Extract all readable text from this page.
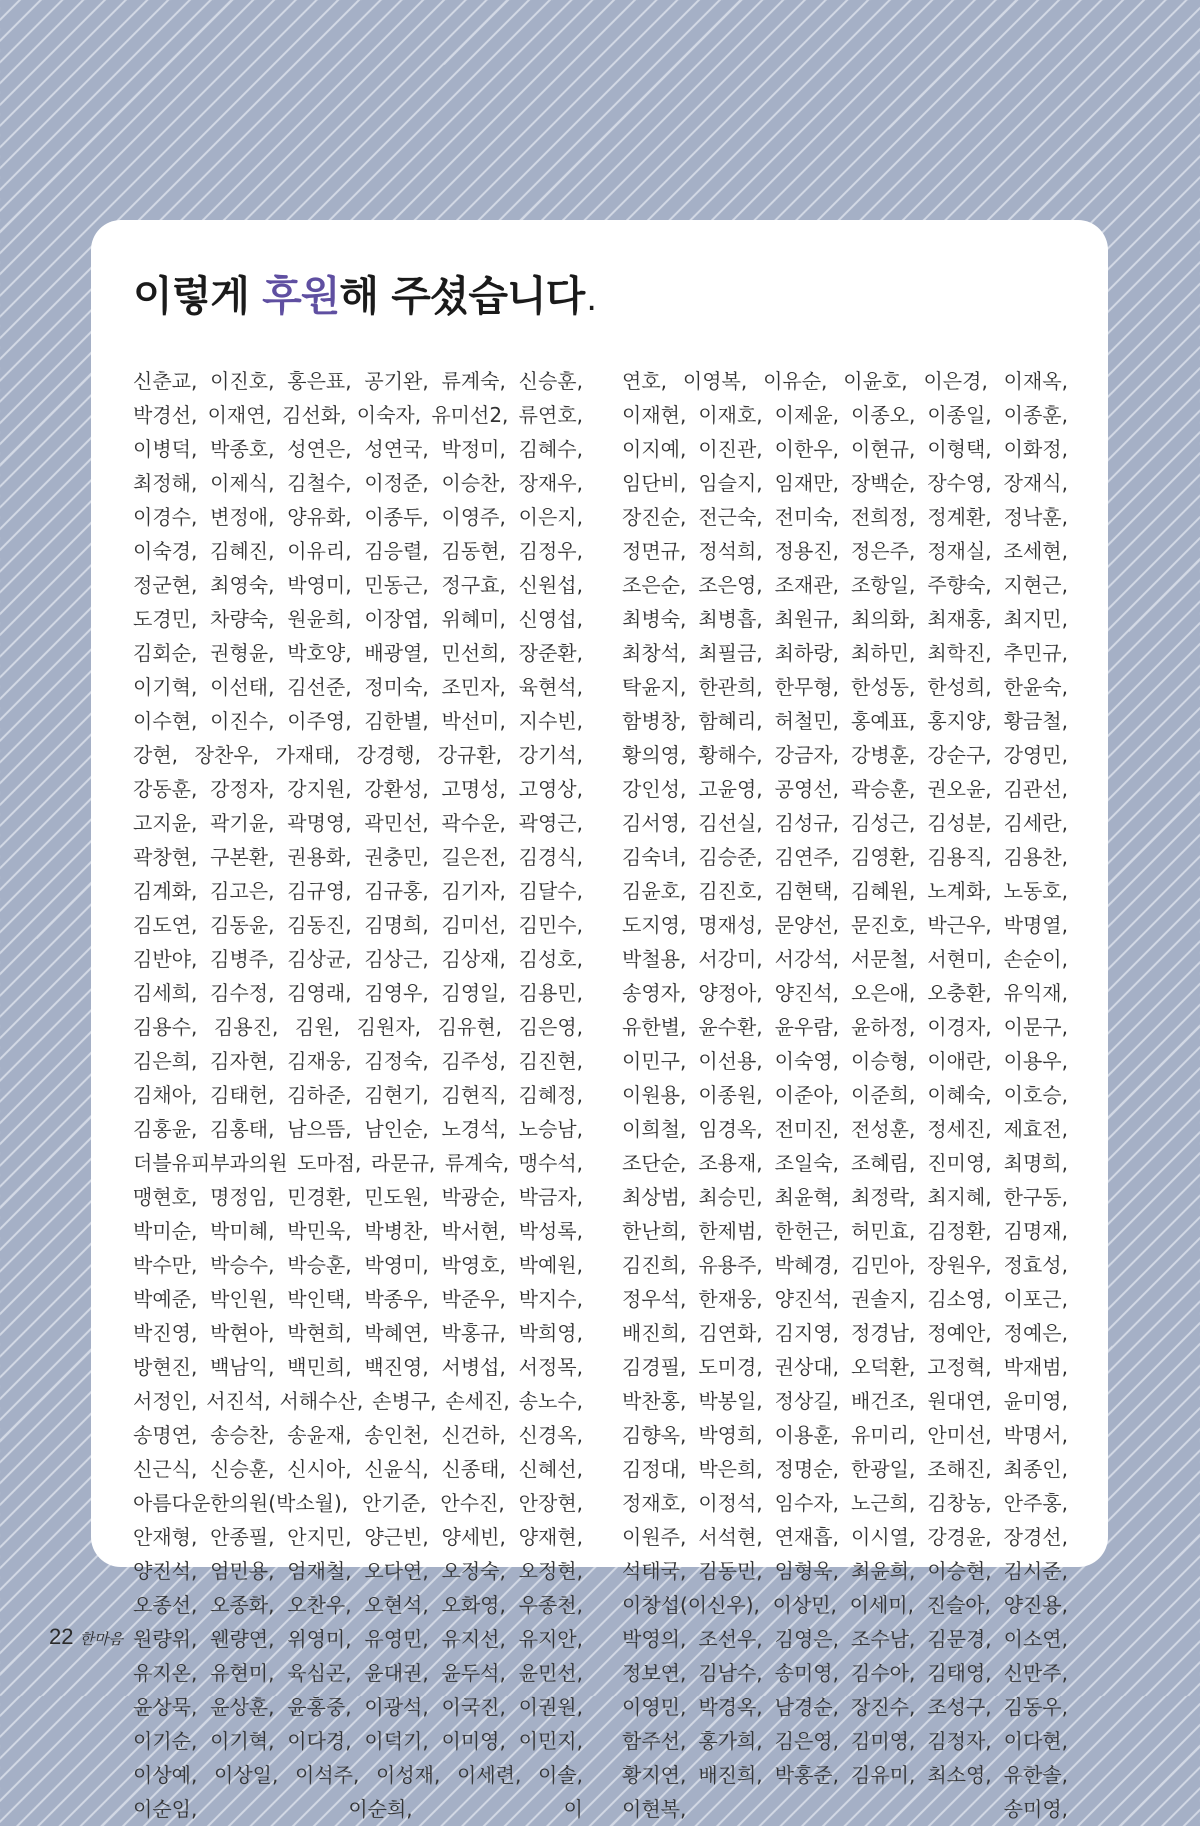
이렇게 후원해 주셨습니다.

신춘교, 이진호, 홍은표, 공기완, 류계숙, 신승훈, 박경선, 이재연, 김선화, 이숙자, 유미선2, 류연호, 이병덕, 박종호, 성연은, 성연국, 박정미, 김혜수, 최정해, 이제식, 김철수, 이정준, 이승찬, 장재우, 이경수, 변정애, 양유화, 이종두, 이영주, 이은지, 이숙경, 김혜진, 이유리, 김응렬, 김동현, 김정우, 정군현, 최영숙, 박영미, 민동근, 정구효, 신원섭, 도경민, 차량숙, 원윤희, 이장엽, 위혜미, 신영섭, 김회순, 권형윤, 박호양, 배광열, 민선희, 장준환, 이기혁, 이선태, 김선준, 정미숙, 조민자, 육현석, 이수현, 이진수, 이주영, 김한별, 박선미, 지수빈, 강현, 장찬우, 가재태, 강경행, 강규환, 강기석, 강동훈, 강정자, 강지원, 강환성, 고명성, 고영상, 고지윤, 곽기윤, 곽명영, 곽민선, 곽수운, 곽영근, 곽창현, 구본환, 권용화, 권충민, 길은전, 김경식, 김계화, 김고은, 김규영, 김규홍, 김기자, 김달수, 김도연, 김동윤, 김동진, 김명희, 김미선, 김민수, 김반야, 김병주, 김상균, 김상근, 김상재, 김성호, 김세희, 김수정, 김영래, 김영우, 김영일, 김용민, 김용수, 김용진, 김원, 김원자, 김유현, 김은영, 김은희, 김자현, 김재웅, 김정숙, 김주성, 김진현, 김채아, 김태헌, 김하준, 김현기, 김현직, 김혜정, 김홍윤, 김홍태, 남으뜸, 남인순, 노경석, 노승남, 더블유피부과의원 도마점, 라문규, 류계숙, 맹수석, 맹현호, 명정임, 민경환, 민도원, 박광순, 박금자, 박미순, 박미혜, 박민욱, 박병찬, 박서현, 박성록, 박수만, 박승수, 박승훈, 박영미, 박영호, 박예원, 박예준, 박인원, 박인택, 박종우, 박준우, 박지수, 박진영, 박현아, 박현희, 박혜연, 박홍규, 박희영, 방현진, 백남익, 백민희, 백진영, 서병섭, 서정목, 서정인, 서진석, 서해수산, 손병구, 손세진, 송노수, 송명연, 송승찬, 송윤재, 송인천, 신건하, 신경옥, 신근식, 신승훈, 신시아, 신윤식, 신종태, 신혜선, 아름다운한의원(박소월), 안기준, 안수진, 안장현, 안재형, 안종필, 안지민, 양근빈, 양세빈, 양재현, 양진석, 엄민용, 엄재철, 오다연, 오정숙, 오정현, 오종선, 오종화, 오찬우, 오현석, 오화영, 우종천, 원량위, 웬량연, 위영미, 유영민, 유지선, 유지안, 유지온, 유현미, 육심곤, 윤대권, 윤두석, 윤민선, 윤상묵, 윤상훈, 윤홍중, 이광석, 이국진, 이권원, 이기순, 이기혁, 이다경, 이덕기, 이미영, 이민지, 이상예, 이상일, 이석주, 이성재, 이세련, 이솔, 이순임, 이순희, 이

연호, 이영복, 이유순, 이윤호, 이은경, 이재옥, 이재현, 이재호, 이제윤, 이종오, 이종일, 이종훈, 이지예, 이진관, 이한우, 이현규, 이형택, 이화정, 임단비, 임슬지, 임재만, 장백순, 장수영, 장재식, 장진순, 전근숙, 전미숙, 전희정, 정계환, 정낙훈, 정면규, 정석희, 정용진, 정은주, 정재실, 조세현, 조은순, 조은영, 조재관, 조항일, 주향숙, 지현근, 최병숙, 최병흡, 최원규, 최의화, 최재홍, 최지민, 최창석, 최필금, 최하랑, 최하민, 최학진, 추민규, 탁윤지, 한관희, 한무형, 한성동, 한성희, 한윤숙, 함병창, 함혜리, 허철민, 홍예표, 홍지양, 황금철, 황의영, 황해수, 강금자, 강병훈, 강순구, 강영민, 강인성, 고윤영, 공영선, 곽승훈, 권오윤, 김관선, 김서영, 김선실, 김성규, 김성근, 김성분, 김세란, 김숙녀, 김승준, 김연주, 김영환, 김용직, 김용찬, 김윤호, 김진호, 김현택, 김혜원, 노계화, 노동호, 도지영, 명재성, 문양선, 문진호, 박근우, 박명열, 박철용, 서강미, 서강석, 서문철, 서현미, 손순이, 송영자, 양정아, 양진석, 오은애, 오충환, 유익재, 유한별, 윤수환, 윤우람, 윤하정, 이경자, 이문구, 이민구, 이선용, 이숙영, 이승형, 이애란, 이용우, 이원용, 이종원, 이준아, 이준희, 이혜숙, 이호승, 이희철, 임경옥, 전미진, 전성훈, 정세진, 제효전, 조단순, 조용재, 조일숙, 조혜림, 진미영, 최명희, 최상범, 최승민, 최윤혁, 최정락, 최지혜, 한구동, 한난희, 한제범, 한헌근, 허민효, 김정환, 김명재, 김진희, 유용주, 박혜경, 김민아, 장원우, 정효성, 정우석, 한재웅, 양진석, 권솔지, 김소영, 이포근, 배진희, 김연화, 김지영, 정경남, 정예안, 정예은, 김경필, 도미경, 권상대, 오덕환, 고정혁, 박재범, 박찬홍, 박봉일, 정상길, 배건조, 원대연, 윤미영, 김향옥, 박영희, 이용훈, 유미리, 안미선, 박명서, 김정대, 박은희, 정명순, 한광일, 조해진, 최종인, 정재호, 이정석, 임수자, 노근희, 김창농, 안주홍, 이원주, 서석현, 연재흡, 이시열, 강경윤, 장경선, 석태국, 김동민, 임형욱, 최윤희, 이승현, 김시준, 이창섭(이신우), 이상민, 이세미, 진슬아, 양진용, 박영의, 조선우, 김영은, 조수남, 김문경, 이소연, 정보연, 김남수, 송미영, 김수아, 김태영, 신만주, 이영민, 박경옥, 남경순, 장진수, 조성구, 김동우, 함주선, 홍가희, 김은영, 김미영, 김정자, 이다현, 황지연, 배진희, 박홍준, 김유미, 최소영, 유한솔, 이현복, 송미영,

22 한마음
